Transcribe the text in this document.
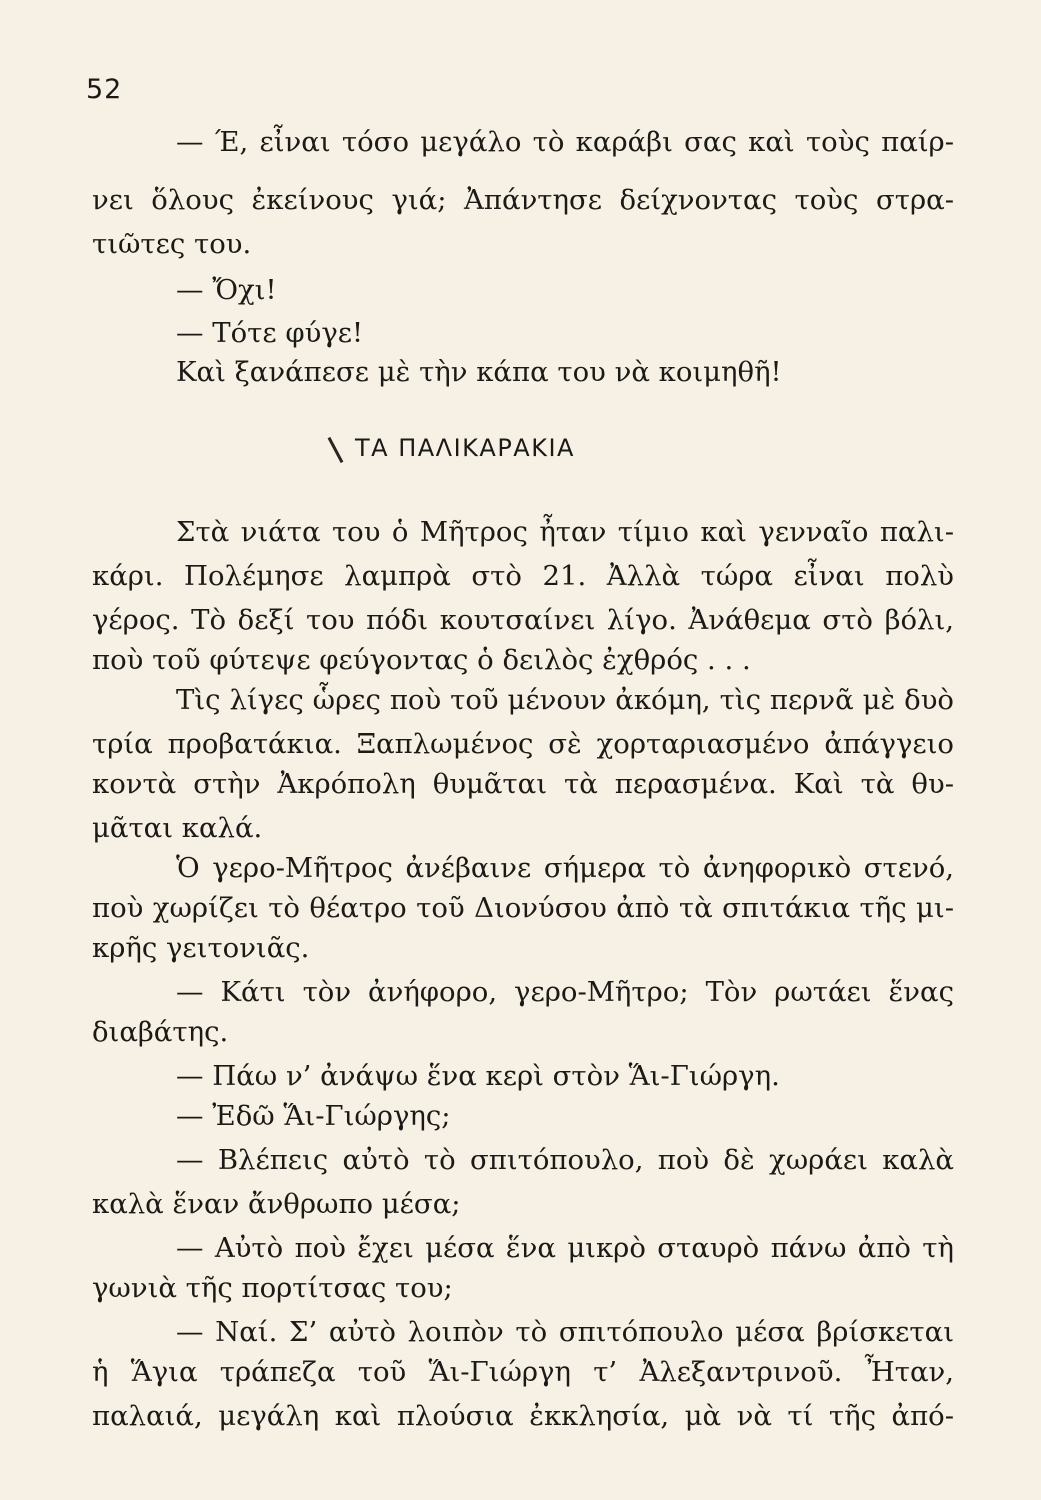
52
— Έ, εἶναι τόσο μεγάλο τὸ καράβι σας καὶ τοὺς παίρ-
νει ὅλους ἐκείνους γιά; Ἀπάντησε δείχνοντας τοὺς στρα-
τιῶτες του.
— Ὄχι!
— Τότε φύγε!
Καὶ ξανάπεσε μὲ τὴν κάπα του νὰ κοιμηθῆ!
ΤΑ ΠΑΛΙΚΑΡΑΚΙΑ
Στὰ νιάτα του ὁ Μῆτρος ἦταν τίμιο καὶ γενναῖο παλι-
κάρι. Πολέμησε λαμπρὰ στὸ 21. Ἀλλὰ τώρα εἶναι πολὺ
γέρος. Τὸ δεξί του πόδι κουτσαίνει λίγο. Ἀνάθεμα στὸ βόλι,
ποὺ τοῦ φύτεψε φεύγοντας ὁ δειλὸς ἐχθρός . . .
Τὶς λίγες ὧρες ποὺ τοῦ μένουν ἀκόμη, τὶς περνᾶ μὲ δυὸ
τρία προβατάκια. Ξαπλωμένος σὲ χορταριασμένο ἀπάγγειο
κοντὰ στὴν Ἀκρόπολη θυμᾶται τὰ περασμένα. Καὶ τὰ θυ-
μᾶται καλά.
Ὁ γερο-Μῆτρος ἀνέβαινε σήμερα τὸ ἀνηφορικὸ στενό,
ποὺ χωρίζει τὸ θέατρο τοῦ Διονύσου ἀπὸ τὰ σπιτάκια τῆς μι-
κρῆς γειτονιᾶς.
— Κάτι τὸν ἀνήφορο, γερο-Μῆτρο; Τὸν ρωτάει ἕνας
διαβάτης.
— Πάω ν’ ἀνάψω ἕνα κερὶ στὸν Ἅι-Γιώργη.
— Ἐδῶ Ἅι-Γιώργης;
— Βλέπεις αὐτὸ τὸ σπιτόπουλο, ποὺ δὲ χωράει καλὰ
καλὰ ἕναν ἄνθρωπο μέσα;
— Αὐτὸ ποὺ ἔχει μέσα ἕνα μικρὸ σταυρὸ πάνω ἀπὸ τὴ
γωνιὰ τῆς πορτίτσας του;
— Ναί. Σ’ αὐτὸ λοιπὸν τὸ σπιτόπουλο μέσα βρίσκεται
ἡ Ἅγια τράπεζα τοῦ Ἅι-Γιώργη τ’ Ἀλεξαντρινοῦ. Ἦταν,
παλαιά, μεγάλη καὶ πλούσια ἐκκλησία, μὰ νὰ τί τῆς ἀπό-
